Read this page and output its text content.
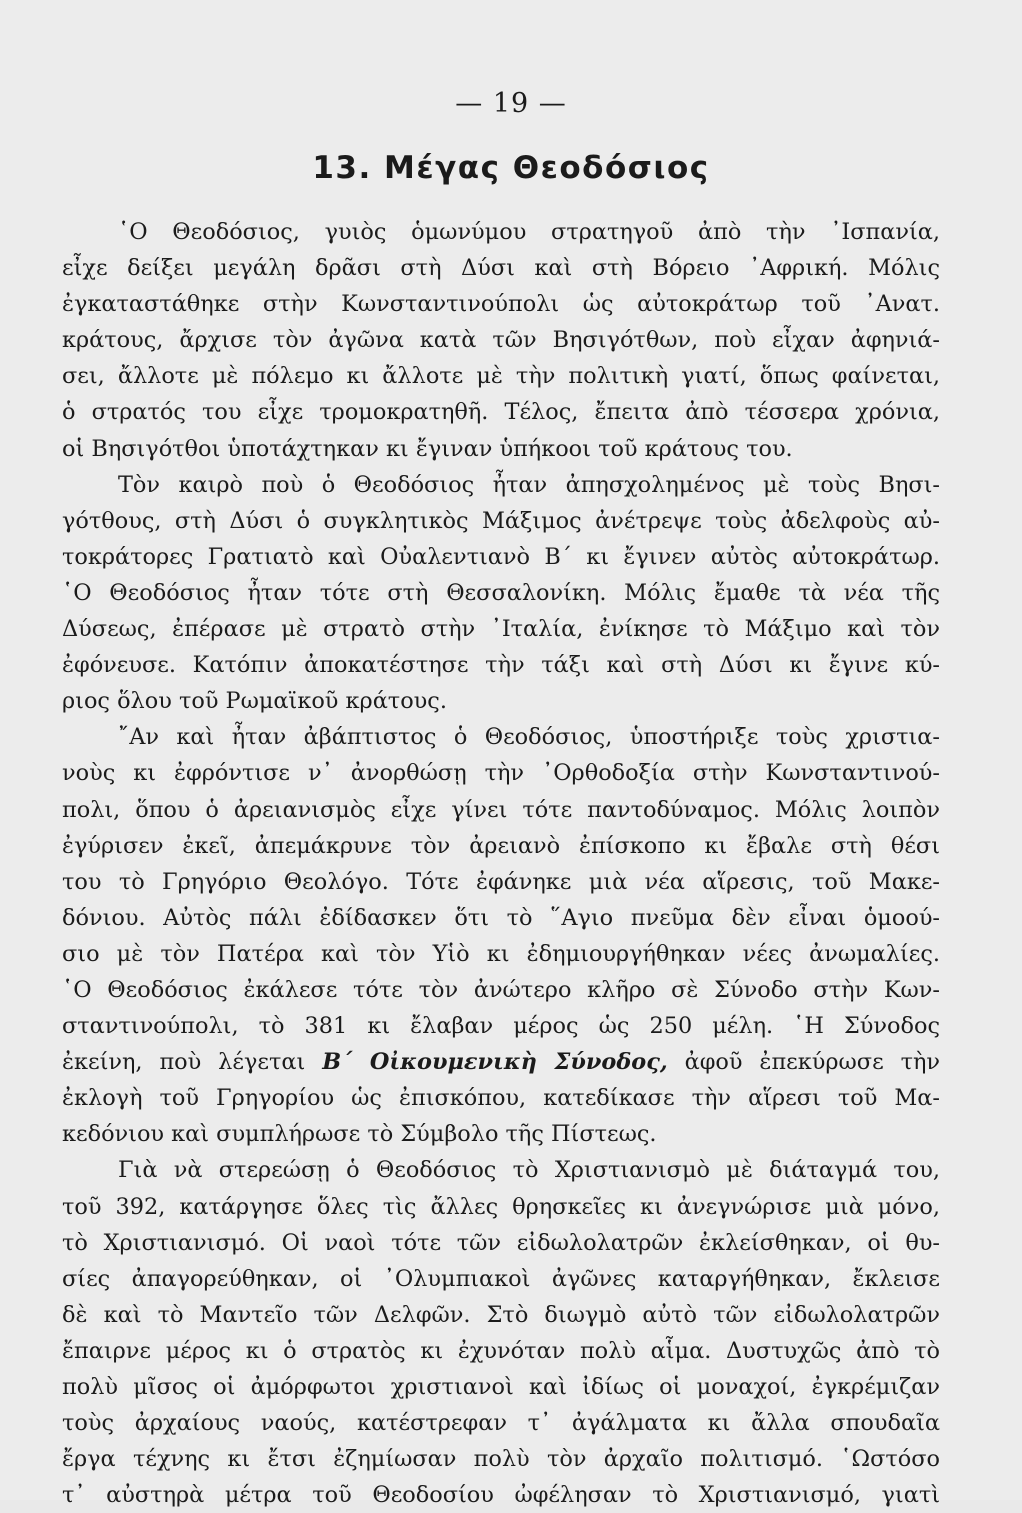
— 19 —
13. Μέγας Θεοδόσιος
῾Ο Θεοδόσιος, γυιὸς ὁμωνύμου στρατηγοῦ ἀπὸ τὴν ᾿Ισπανία,
εἶχε δείξει μεγάλη δρᾶσι στὴ Δύσι καὶ στὴ Βόρειο ᾿Αφρική. Μόλις
ἐγκαταστάθηκε στὴν Κωνσταντινούπολι ὡς αὐτοκράτωρ τοῦ ᾿Ανατ.
κράτους, ἄρχισε τὸν ἀγῶνα κατὰ τῶν Βησιγότθων, ποὺ εἶχαν ἀφηνιά-
σει, ἄλλοτε μὲ πόλεμο κι ἄλλοτε μὲ τὴν πολιτικὴ γιατί, ὅπως φαίνεται,
ὁ στρατός του εἶχε τρομοκρατηθῆ. Τέλος, ἔπειτα ἀπὸ τέσσερα χρόνια,
οἱ Βησιγότθοι ὑποτάχτηκαν κι ἔγιναν ὑπήκοοι τοῦ κράτους του.
Τὸν καιρὸ ποὺ ὁ Θεοδόσιος ἦταν ἀπησχολημένος μὲ τοὺς Βησι-
γότθους, στὴ Δύσι ὁ συγκλητικὸς Μάξιμος ἀνέτρεψε τοὺς ἀδελφοὺς αὐ-
τοκράτορες Γρατιατὸ καὶ Οὐαλεντιανὸ Β΄ κι ἔγινεν αὐτὸς αὐτοκράτωρ.
῾Ο Θεοδόσιος ἦταν τότε στὴ Θεσσαλονίκη. Μόλις ἔμαθε τὰ νέα τῆς
Δύσεως, ἐπέρασε μὲ στρατὸ στὴν ᾿Ιταλία, ἐνίκησε τὸ Μάξιμο καὶ τὸν
ἐφόνευσε. Κατόπιν ἀποκατέστησε τὴν τάξι καὶ στὴ Δύσι κι ἔγινε κύ-
ριος ὅλου τοῦ Ρωμαϊκοῦ κράτους.
῎Αν καὶ ἦταν ἀβάπτιστος ὁ Θεοδόσιος, ὑποστήριξε τοὺς χριστια-
νοὺς κι ἐφρόντισε ν᾿ ἀνορθώσῃ τὴν ᾿Ορθοδοξία στὴν Κωνσταντινού-
πολι, ὅπου ὁ ἀρειανισμὸς εἶχε γίνει τότε παντοδύναμος. Μόλις λοιπὸν
ἐγύρισεν ἐκεῖ, ἀπεμάκρυνε τὸν ἀρειανὸ ἐπίσκοπο κι ἔβαλε στὴ θέσι
του τὸ Γρηγόριο Θεολόγο. Τότε ἐφάνηκε μιὰ νέα αἵρεσις, τοῦ Μακε-
δόνιου. Αὐτὸς πάλι ἐδίδασκεν ὅτι τὸ ῞Αγιο πνεῦμα δὲν εἶναι ὁμοού-
σιο μὲ τὸν Πατέρα καὶ τὸν Υἱὸ κι ἐδημιουργήθηκαν νέες ἀνωμαλίες.
῾Ο Θεοδόσιος ἐκάλεσε τότε τὸν ἀνώτερο κλῆρο σὲ Σύνοδο στὴν Κων-
σταντινούπολι, τὸ 381 κι ἔλαβαν μέρος ὡς 250 μέλη. ῾Η Σύνοδος
ἐκείνη, ποὺ λέγεται Β΄ Οἰκουμενικὴ Σύνοδος, ἀφοῦ ἐπεκύρωσε τὴν
ἐκλογὴ τοῦ Γρηγορίου ὡς ἐπισκόπου, κατεδίκασε τὴν αἵρεσι τοῦ Μα-
κεδόνιου καὶ συμπλήρωσε τὸ Σύμβολο τῆς Πίστεως.
Γιὰ νὰ στερεώσῃ ὁ Θεοδόσιος τὸ Χριστιανισμὸ μὲ διάταγμά του,
τοῦ 392, κατάργησε ὅλες τὶς ἄλλες θρησκεῖες κι ἀνεγνώρισε μιὰ μόνο,
τὸ Χριστιανισμό. Οἱ ναοὶ τότε τῶν εἰδωλολατρῶν ἐκλείσθηκαν, οἱ θυ-
σίες ἀπαγορεύθηκαν, οἱ ᾿Ολυμπιακοὶ ἀγῶνες καταργήθηκαν, ἔκλεισε
δὲ καὶ τὸ Μαντεῖο τῶν Δελφῶν. Στὸ διωγμὸ αὐτὸ τῶν εἰδωλολατρῶν
ἔπαιρνε μέρος κι ὁ στρατὸς κι ἐχυνόταν πολὺ αἷμα. Δυστυχῶς ἀπὸ τὸ
πολὺ μῖσος οἱ ἀμόρφωτοι χριστιανοὶ καὶ ἰδίως οἱ μοναχοί, ἐγκρέμιζαν
τοὺς ἀρχαίους ναούς, κατέστρεφαν τ᾿ ἀγάλματα κι ἄλλα σπουδαῖα
ἔργα τέχνης κι ἔτσι ἐζημίωσαν πολὺ τὸν ἀρχαῖο πολιτισμό. ῾Ωστόσο
τ᾿ αὐστηρὰ μέτρα τοῦ Θεοδοσίου ὠφέλησαν τὸ Χριστιανισμό, γιατὶ
